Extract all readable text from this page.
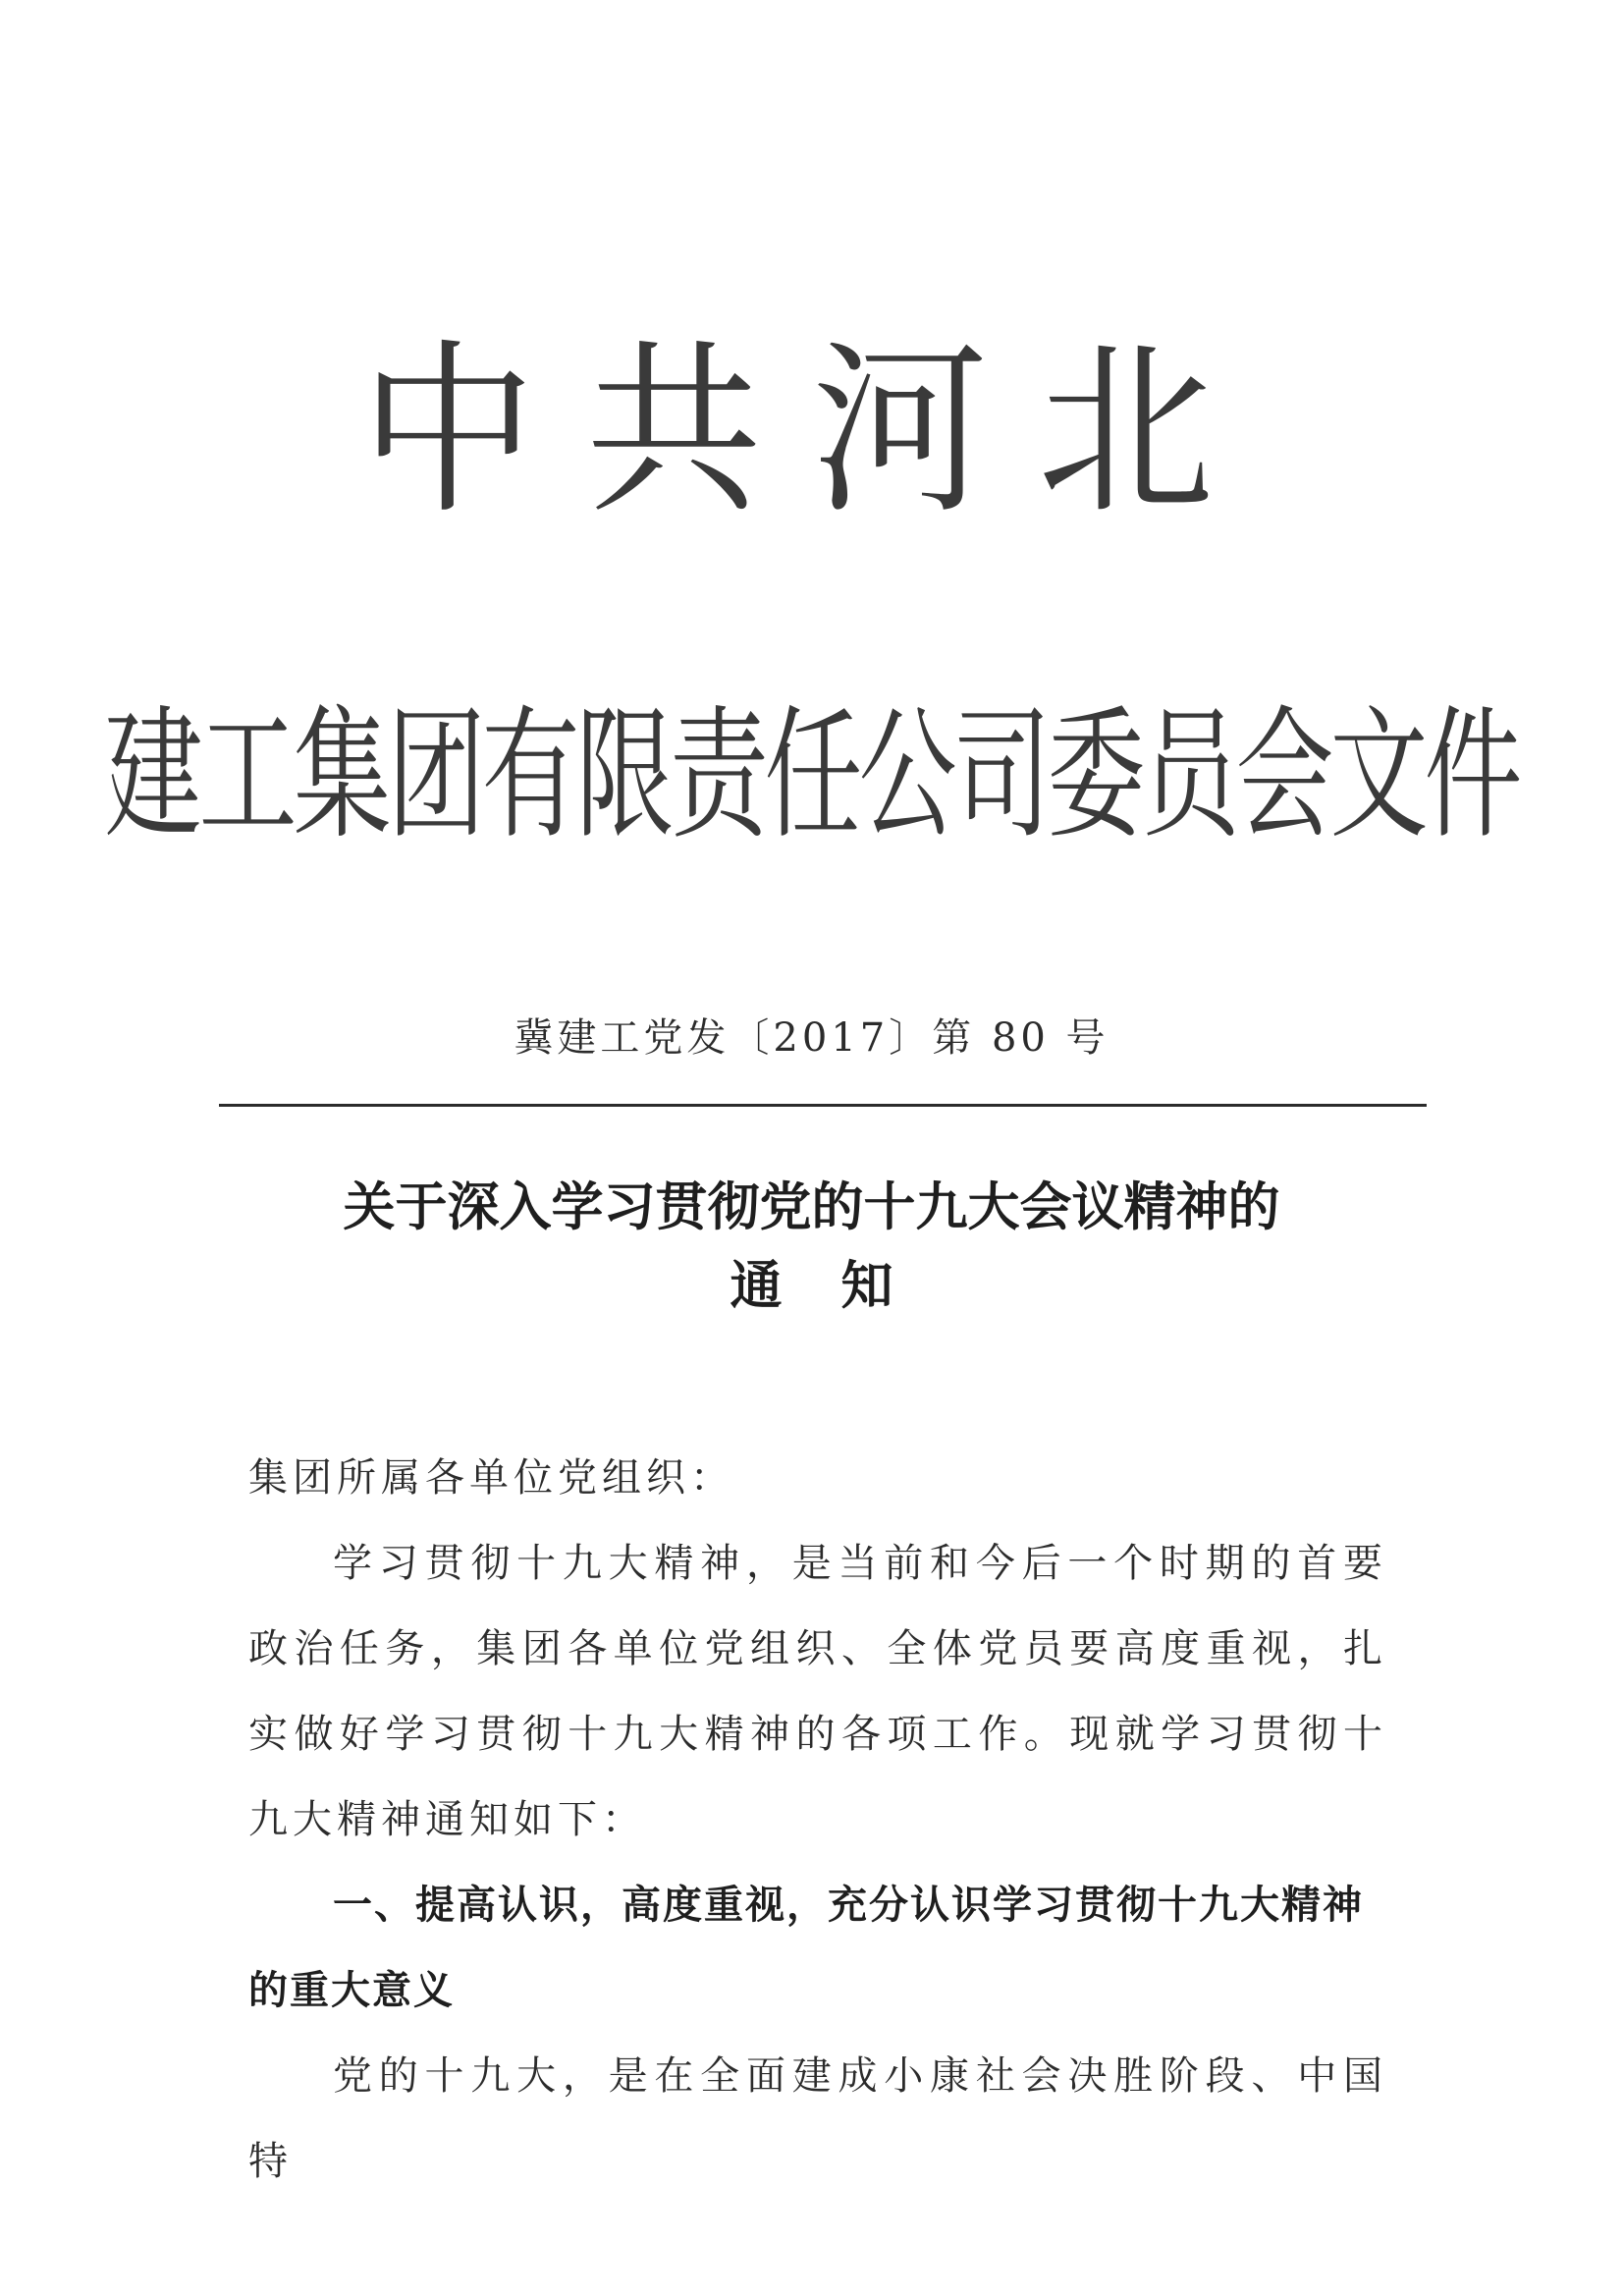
中共河北
建工集团有限责任公司委员会文件
冀建工党发〔2017〕第 80 号
关于深入学习贯彻党的十九大会议精神的
通知

集团所属各单位党组织：

学习贯彻十九大精神，是当前和今后一个时期的首要政治任务，集团各单位党组织、全体党员要高度重视，扎实做好学习贯彻十九大精神的各项工作。现就学习贯彻十九大精神通知如下：

一、提高认识，高度重视，充分认识学习贯彻十九大精神的重大意义

党的十九大，是在全面建成小康社会决胜阶段、中国特
